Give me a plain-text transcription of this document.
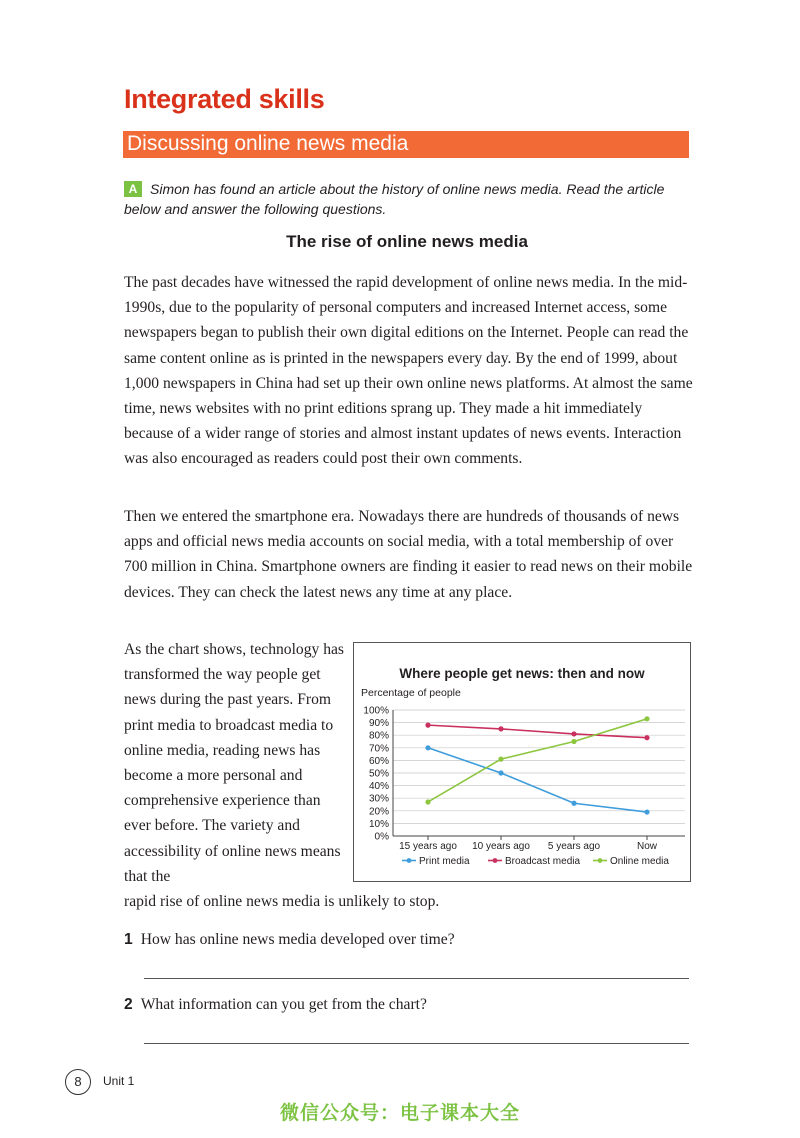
Integrated skills
Discussing online news media
A Simon has found an article about the history of online news media. Read the article below and answer the following questions.
The rise of online news media

The past decades have witnessed the rapid development of online news media. In the mid-1990s, due to the popularity of personal computers and increased Internet access, some newspapers began to publish their own digital editions on the Internet. People can read the same content online as is printed in the newspapers every day. By the end of 1999, about 1,000 newspapers in China had set up their own online news platforms. At almost the same time, news websites with no print editions sprang up. They made a hit immediately because of a wider range of stories and almost instant updates of news events. Interaction was also encouraged as readers could post their own comments.

Then we entered the smartphone era. Nowadays there are hundreds of thousands of news apps and official news media accounts on social media, with a total membership of over 700 million in China. Smartphone owners are finding it easier to read news on their mobile devices. They can check the latest news any time at any place.

As the chart shows, technology has transformed the way people get news during the past years. From print media to broadcast media to online media, reading news has become a more personal and comprehensive experience than ever before. The variety and accessibility of online news means that the

rapid rise of online news media is unlikely to stop.

Where people get news: then and now
Percentage of people
0%
10%
20%
30%
40%
50%
60%
70%
80%
90%
100%
15 years ago 10 years ago 5 years ago	Now
Print media	Broadcast media	Online media
1 How has online news media developed over time?
2 What information can you get from the chart?
8	Unit 1
微信公众号：电子课本大全
